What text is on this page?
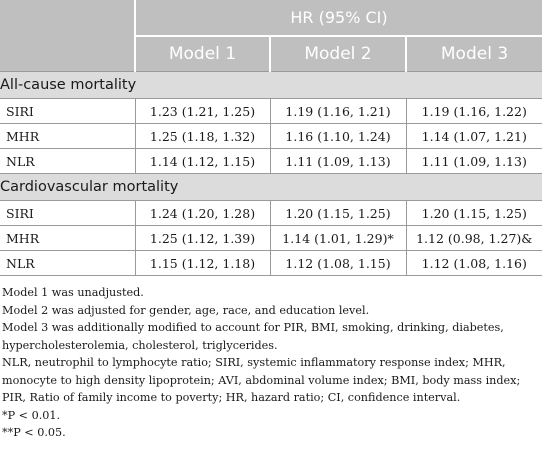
	HR (95% CI)		
	Model 1	Model 2	Model 3
All-cause mortality			
SIRI	1.23 (1.21, 1.25)	1.19 (1.16, 1.21)	1.19 (1.16, 1.22)
MHR	1.25 (1.18, 1.32)	1.16 (1.10, 1.24)	1.14 (1.07, 1.21)
NLR	1.14 (1.12, 1.15)	1.11 (1.09, 1.13)	1.11 (1.09, 1.13)
Cardiovascular mortality			
SIRI	1.24 (1.20, 1.28)	1.20 (1.15, 1.25)	1.20 (1.15, 1.25)
MHR	1.25 (1.12, 1.39)	1.14 (1.01, 1.29)*	1.12 (0.98, 1.27)&
NLR	1.15 (1.12, 1.18)	1.12 (1.08, 1.15)	1.12 (1.08, 1.16)

Model 1 was unadjusted.

Model 2 was adjusted for gender, age, race, and education level.

Model 3 was additionally modified to account for PIR, BMI, smoking, drinking, diabetes, hypercholesterolemia, cholesterol, triglycerides.

NLR, neutrophil to lymphocyte ratio; SIRI, systemic inflammatory response index; MHR, monocyte to high density lipoprotein; AVI, abdominal volume index; BMI, body mass index; PIR, Ratio of family income to poverty; HR, hazard ratio; CI, confidence interval.

*P < 0.01.

**P < 0.05.
